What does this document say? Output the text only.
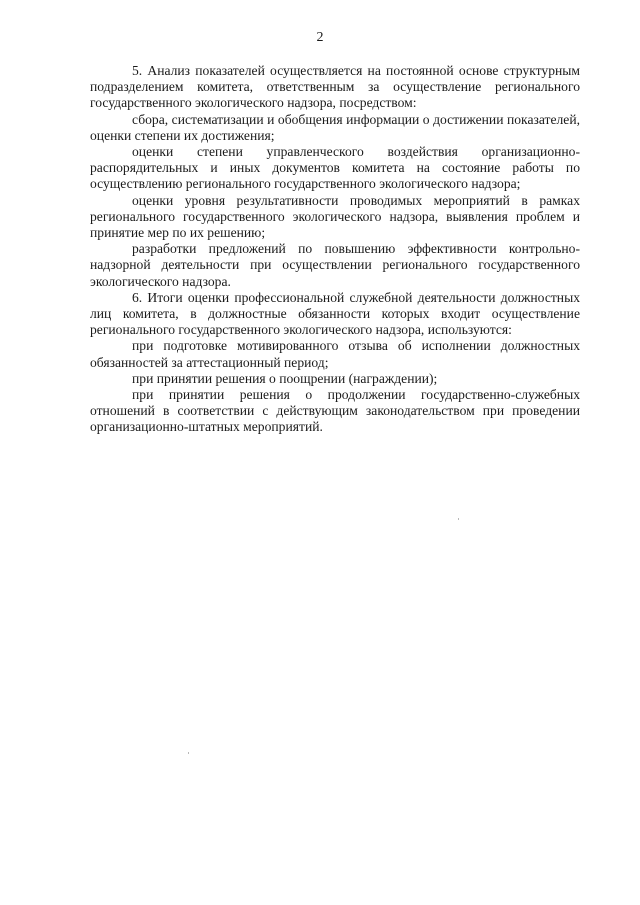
2

5. Анализ показателей осуществляется на постоянной основе структурным подразделением комитета, ответственным за осуществление регионального государственного экологического надзора, посредством:

сбора, систематизации и обобщения информации о достижении показателей, оценки степени их достижения;

оценки степени управленческого воздействия организационно-распорядительных и иных документов комитета на состояние работы по осуществлению регионального государственного экологического надзора;

оценки уровня результативности проводимых мероприятий в рамках регионального государственного экологического надзора, выявления проблем и принятие мер по их решению;

разработки предложений по повышению эффективности контрольно-надзорной деятельности при осуществлении регионального государственного экологического надзора.

6. Итоги оценки профессиональной служебной деятельности должностных лиц комитета, в должностные обязанности которых входит осуществление регионального государственного экологического надзора, используются:

при подготовке мотивированного отзыва об исполнении должностных обязанностей за аттестационный период;

при принятии решения о поощрении (награждении);

при принятии решения о продолжении государственно-служебных отношений в соответствии с действующим законодательством при проведении организационно-штатных мероприятий.
